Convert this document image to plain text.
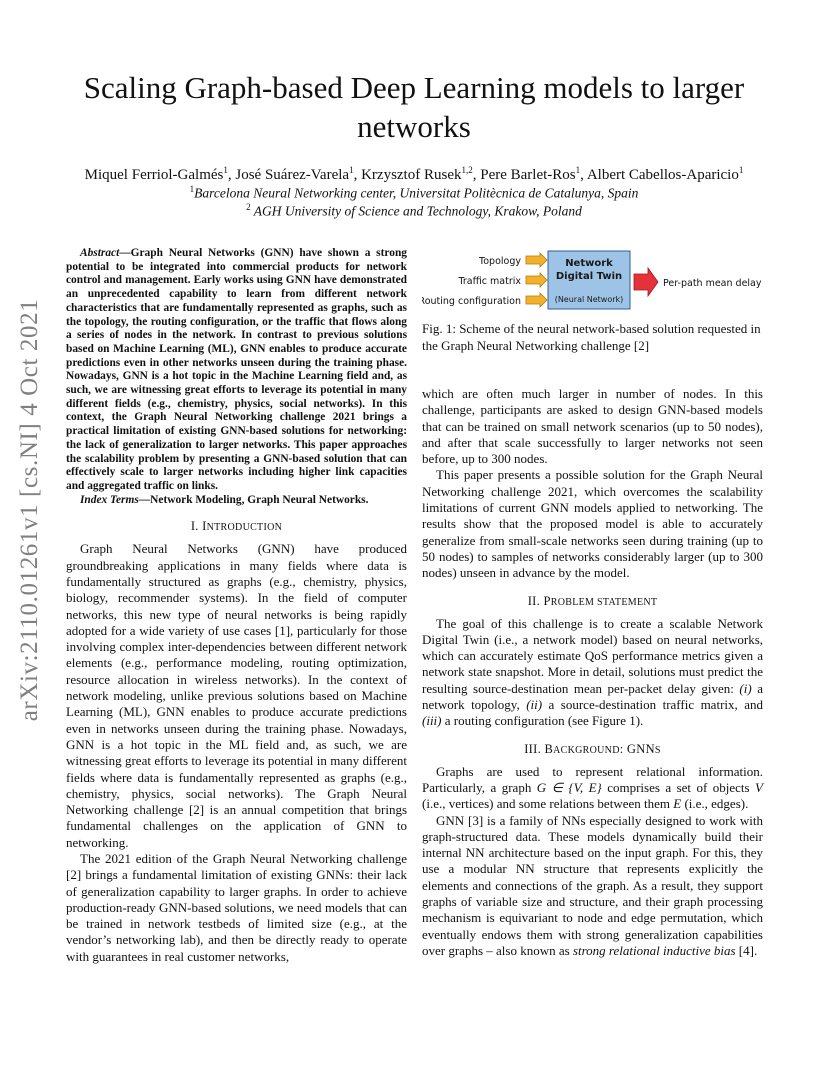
arXiv:2110.01261v1 [cs.NI] 4 Oct 2021
Scaling Graph-based Deep Learning models to larger networks
Miquel Ferriol-Galmés$^1$, José Suárez-Varela$^1$, Krzysztof Rusek$^{1,2}$, Pere Barlet-Ros$^1$, Albert Cabellos-Aparicio$^1$
$^1$Barcelona Neural Networking center, Universitat Politècnica de Catalunya, Spain
$^2$ AGH University of Science and Technology, Krakow, Poland

Abstract—Graph Neural Networks (GNN) have shown a strong potential to be integrated into commercial products for network control and management. Early works using GNN have demonstrated an unprecedented capability to learn from different network characteristics that are fundamentally represented as graphs, such as the topology, the routing configuration, or the traffic that flows along a series of nodes in the network. In contrast to previous solutions based on Machine Learning (ML), GNN enables to produce accurate predictions even in other networks unseen during the training phase. Nowadays, GNN is a hot topic in the Machine Learning field and, as such, we are witnessing great efforts to leverage its potential in many different fields (e.g., chemistry, physics, social networks). In this context, the Graph Neural Networking challenge 2021 brings a practical limitation of existing GNN-based solutions for networking: the lack of generalization to larger networks. This paper approaches the scalability problem by presenting a GNN-based solution that can effectively scale to larger networks including higher link capacities and aggregated traffic on links.

Index Terms—Network Modeling, Graph Neural Networks.

I. INTRODUCTION

Graph Neural Networks (GNN) have produced groundbreaking applications in many fields where data is fundamentally structured as graphs (e.g., chemistry, physics, biology, recommender systems). In the field of computer networks, this new type of neural networks is being rapidly adopted for a wide variety of use cases [1], particularly for those involving complex inter-dependencies between different network elements (e.g., performance modeling, routing optimization, resource allocation in wireless networks). In the context of network modeling, unlike previous solutions based on Machine Learning (ML), GNN enables to produce accurate predictions even in networks unseen during the training phase. Nowadays, GNN is a hot topic in the ML field and, as such, we are witnessing great efforts to leverage its potential in many different fields where data is fundamentally represented as graphs (e.g., chemistry, physics, social networks). The Graph Neural Networking challenge [2] is an annual competition that brings fundamental challenges on the application of GNN to networking.

The 2021 edition of the Graph Neural Networking challenge [2] brings a fundamental limitation of existing GNNs: their lack of generalization capability to larger graphs. In order to achieve production-ready GNN-based solutions, we need models that can be trained in network testbeds of limited size (e.g., at the vendor’s networking lab), and then be directly ready to operate with guarantees in real customer networks,

Topology
Traffic matrix
Routing configuration
Network
Digital Twin
(Neural Network)
Per-path mean delay
Fig. 1: Scheme of the neural network-based solution requested in the Graph Neural Networking challenge [2]

which are often much larger in number of nodes. In this challenge, participants are asked to design GNN-based models that can be trained on small network scenarios (up to 50 nodes), and after that scale successfully to larger networks not seen before, up to 300 nodes.

This paper presents a possible solution for the Graph Neural Networking challenge 2021, which overcomes the scalability limitations of current GNN models applied to networking. The results show that the proposed model is able to accurately generalize from small-scale networks seen during training (up to 50 nodes) to samples of networks considerably larger (up to 300 nodes) unseen in advance by the model.

II. PROBLEM STATEMENT

The goal of this challenge is to create a scalable Network Digital Twin (i.e., a network model) based on neural networks, which can accurately estimate QoS performance metrics given a network state snapshot. More in detail, solutions must predict the resulting source-destination mean per-packet delay given: (i) a network topology, (ii) a source-destination traffic matrix, and (iii) a routing configuration (see Figure 1).

III. BACKGROUND: GNNS

Graphs are used to represent relational information. Particularly, a graph G ∈ {V, E} comprises a set of objects V (i.e., vertices) and some relations between them E (i.e., edges).

GNN [3] is a family of NNs especially designed to work with graph-structured data. These models dynamically build their internal NN architecture based on the input graph. For this, they use a modular NN structure that represents explicitly the elements and connections of the graph. As a result, they support graphs of variable size and structure, and their graph processing mechanism is equivariant to node and edge permutation, which eventually endows them with strong generalization capabilities over graphs – also known as strong relational inductive bias [4].
